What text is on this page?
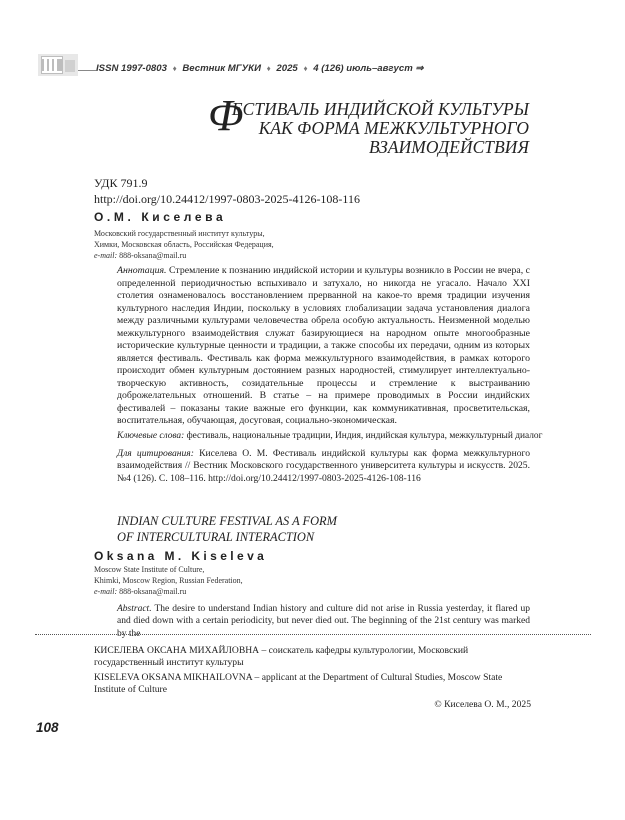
ISSN 1997-0803 ♦ Вестник МГУКИ ♦ 2025 ♦ 4 (126) июль–август ⇒
Ф
ЕСТИВАЛЬ ИНДИЙСКОЙ КУЛЬТУРЫ
КАК ФОРМА МЕЖКУЛЬТУРНОГО
ВЗАИМОДЕЙСТВИЯ
УДК 791.9
http://doi.org/10.24412/1997-0803-2025-4126-108-116
О.М. Киселева
Московский государственный институт культуры,
Химки, Московская область, Российская Федерация,
e-mail: 888-oksana@mail.ru
Аннотация. Стремление к познанию индийской истории и культуры возникло в России не вчера, с определенной периодичностью вспыхивало и затухало, но никогда не угасало. Начало XXI столетия ознаменовалось восстановлением прерванной на какое-то время традиции изучения культурного наследия Индии, поскольку в условиях глобализации задача установления диалога между различными культурами человечества обрела особую актуальность. Неизменной моделью межкультурного взаимодействия служат базирующиеся на народном опыте многообразные исторические культурные ценности и традиции, а также способы их передачи, одним из которых является фестиваль. Фестиваль как форма межкультурного взаимодействия, в рамках которого происходит обмен культурным достоянием разных народностей, стимулирует интеллектуально-творческую активность, созидательные процессы и стремление к выстраиванию доброжелательных отношений. В статье – на примере проводимых в России индийских фестивалей – показаны такие важные его функции, как коммуникативная, просветительская, воспитательная, обучающая, досуговая, социально-экономическая.
Ключевые слова: фестиваль, национальные традиции, Индия, индийская культура, межкультурный диалог
Для цитирования: Киселева О. М. Фестиваль индийской культуры как форма межкультурного взаимодействия // Вестник Московского государственного университета культуры и искусств. 2025. №4 (126). С. 108–116. http://doi.org/10.24412/1997-0803-2025-4126-108-116
INDIAN CULTURE FESTIVAL AS A FORM
OF INTERCULTURAL INTERACTION
Oksana M. Kiseleva
Moscow State Institute of Culture,
Khimki, Moscow Region, Russian Federation,
e-mail: 888-oksana@mail.ru
Abstract. The desire to understand Indian history and culture did not arise in Russia yesterday, it flared up and died down with a certain periodicity, but never died out. The beginning of the 21st century was marked by the
КИСЕЛЕВА ОКСАНА МИХАЙЛОВНА – соискатель кафедры культурологии, Московский государственный институт культуры
KISELEVA OKSANA MIKHAILOVNA – applicant at the Department of Cultural Studies, Moscow State Institute of Culture
© Киселева О. М., 2025
108
